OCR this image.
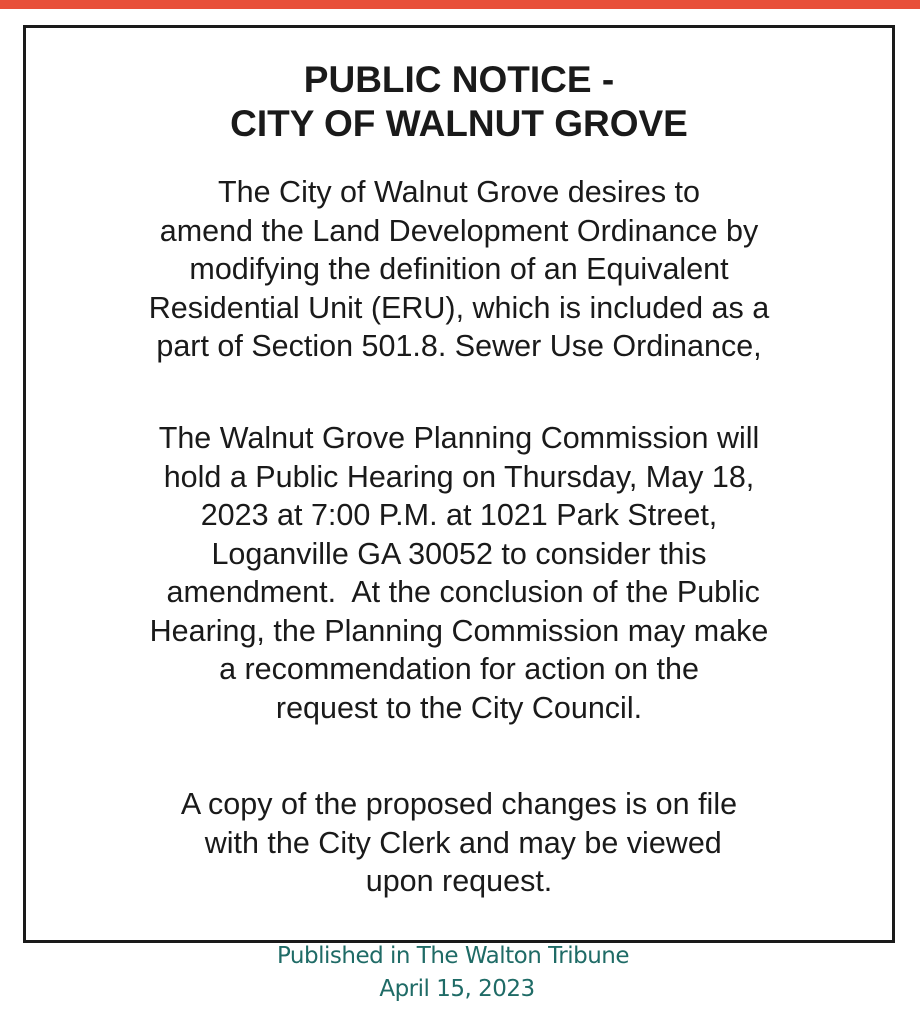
PUBLIC NOTICE -
CITY OF WALNUT GROVE

The City of Walnut Grove desires to
amend the Land Development Ordinance by
modifying the definition of an Equivalent
Residential Unit (ERU), which is included as a
part of Section 501.8. Sewer Use Ordinance,

The Walnut Grove Planning Commission will
hold a Public Hearing on Thursday, May 18,
2023 at 7:00 P.M. at 1021 Park Street,
Loganville GA 30052 to consider this
amendment.  At the conclusion of the Public
Hearing, the Planning Commission may make
a recommendation for action on the
request to the City Council.

A copy of the proposed changes is on file
with the City Clerk and may be viewed
upon request.

Published in The Walton Tribune
April 15, 2023
